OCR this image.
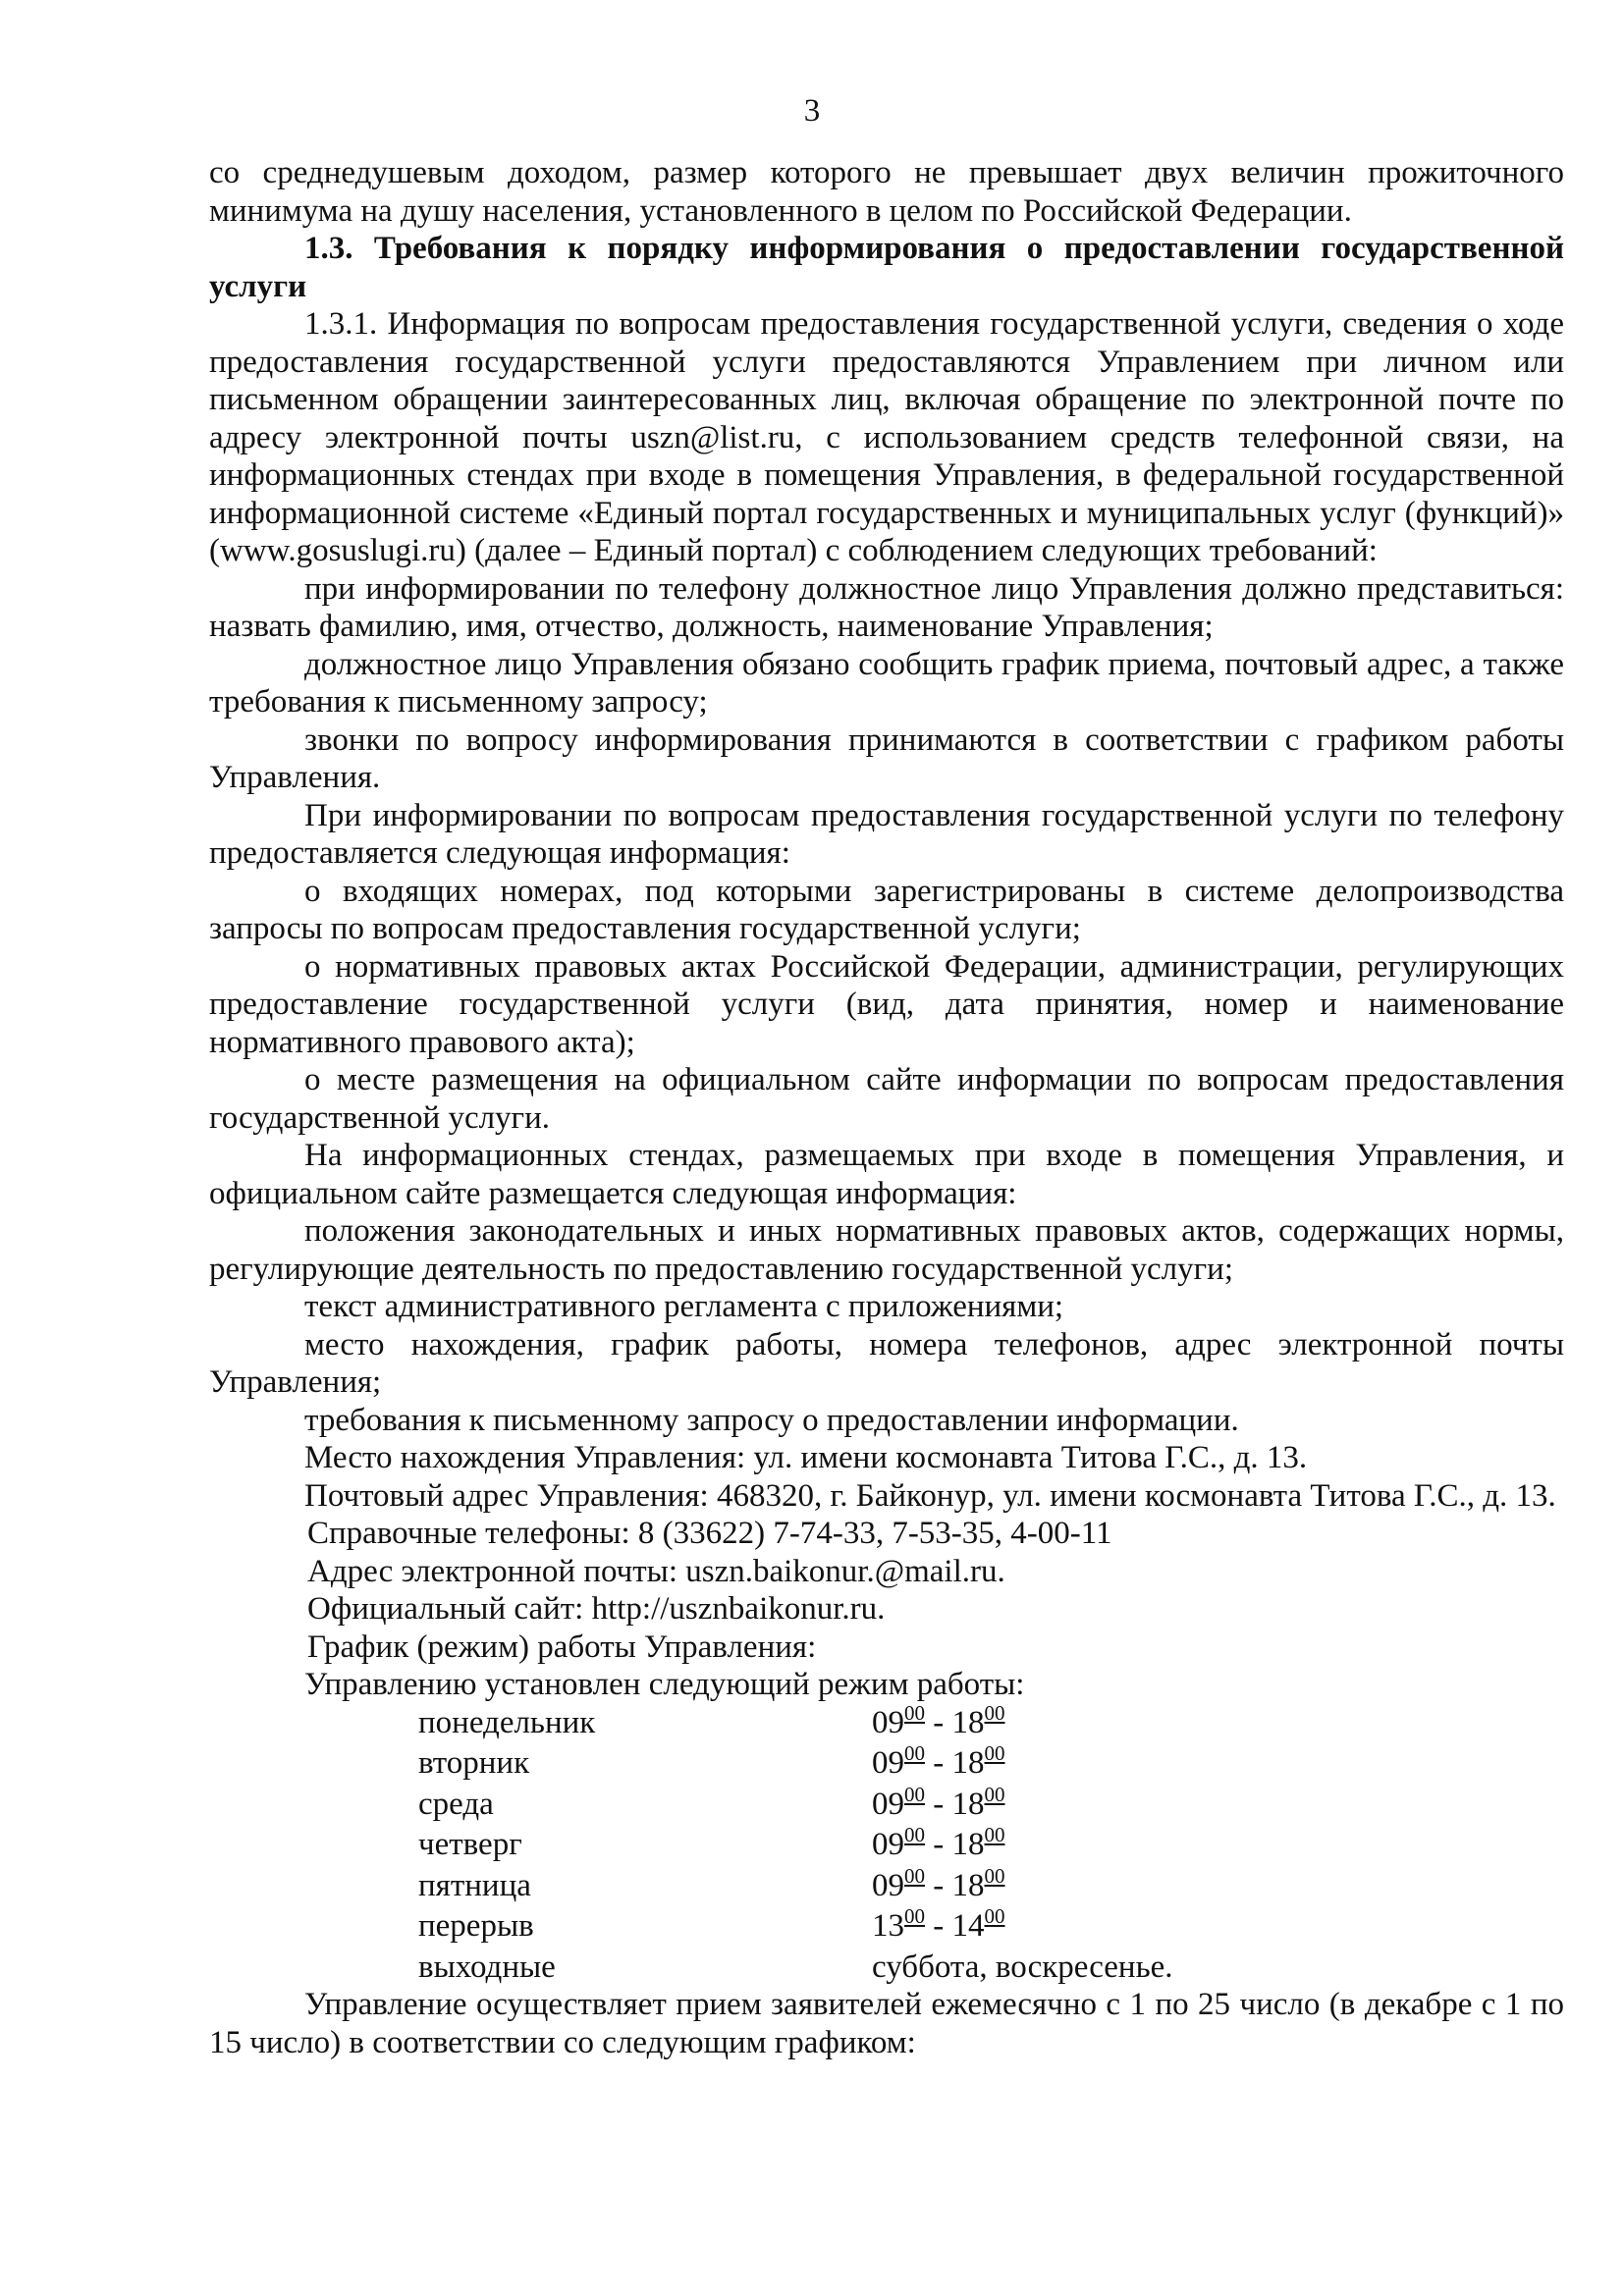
3

со среднедушевым доходом, размер которого не превышает двух величин прожиточного минимума на душу населения, установленного в целом по Российской Федерации.

1.3. Требования к порядку информирования о предоставлении государственной услуги

1.3.1. Информация по вопросам предоставления государственной услуги, сведения о ходе предоставления государственной услуги предоставляются Управлением при личном или письменном обращении заинтересованных лиц, включая обращение по электронной почте по адресу электронной почты uszn@list.ru, с использованием средств телефонной связи, на информационных стендах при входе в помещения Управления, в федеральной государственной информационной системе «Единый портал государственных и муниципальных услуг (функций)» (www.gosuslugi.ru) (далее – Единый портал) с соблюдением следующих требований:

при информировании по телефону должностное лицо Управления должно представиться: назвать фамилию, имя, отчество, должность, наименование Управления;

должностное лицо Управления обязано сообщить график приема, почтовый адрес, а также требования к письменному запросу;

звонки по вопросу информирования принимаются в соответствии с графиком работы Управления.

При информировании по вопросам предоставления государственной услуги по телефону предоставляется следующая информация:

о входящих номерах, под которыми зарегистрированы в системе делопроизводства запросы по вопросам предоставления государственной услуги;

о нормативных правовых актах Российской Федерации, администрации, регулирующих предоставление государственной услуги (вид, дата принятия, номер и наименование нормативного правового акта);

о месте размещения на официальном сайте информации по вопросам предоставления государственной услуги.

На информационных стендах, размещаемых при входе в помещения Управления, и официальном сайте размещается следующая информация:

положения законодательных и иных нормативных правовых актов, содержащих нормы, регулирующие деятельность по предоставлению государственной услуги;

текст административного регламента с приложениями;

место нахождения, график работы, номера телефонов, адрес электронной почты Управления;

требования к письменному запросу о предоставлении информации.

Место нахождения Управления: ул. имени космонавта Титова Г.С., д. 13.

Почтовый адрес Управления: 468320, г. Байконур, ул. имени космонавта Титова Г.С., д. 13.

Справочные телефоны: 8 (33622) 7-74-33, 7-53-35, 4-00-11

Адрес электронной почты: uszn.baikonur.@mail.ru.

Официальный сайт: http://usznbaikonur.ru.

График (режим) работы Управления:

Управлению установлен следующий режим работы:

понедельник	$09^{00} - 18^{00}$
вторник	$09^{00} - 18^{00}$
среда	$09^{00} - 18^{00}$
четверг	$09^{00} - 18^{00}$
пятница	$09^{00} - 18^{00}$
перерыв	$13^{00} - 14^{00}$
выходные	суббота, воскресенье.

Управление осуществляет прием заявителей ежемесячно с 1 по 25 число (в декабре с 1 по 15 число) в соответствии со следующим графиком:
